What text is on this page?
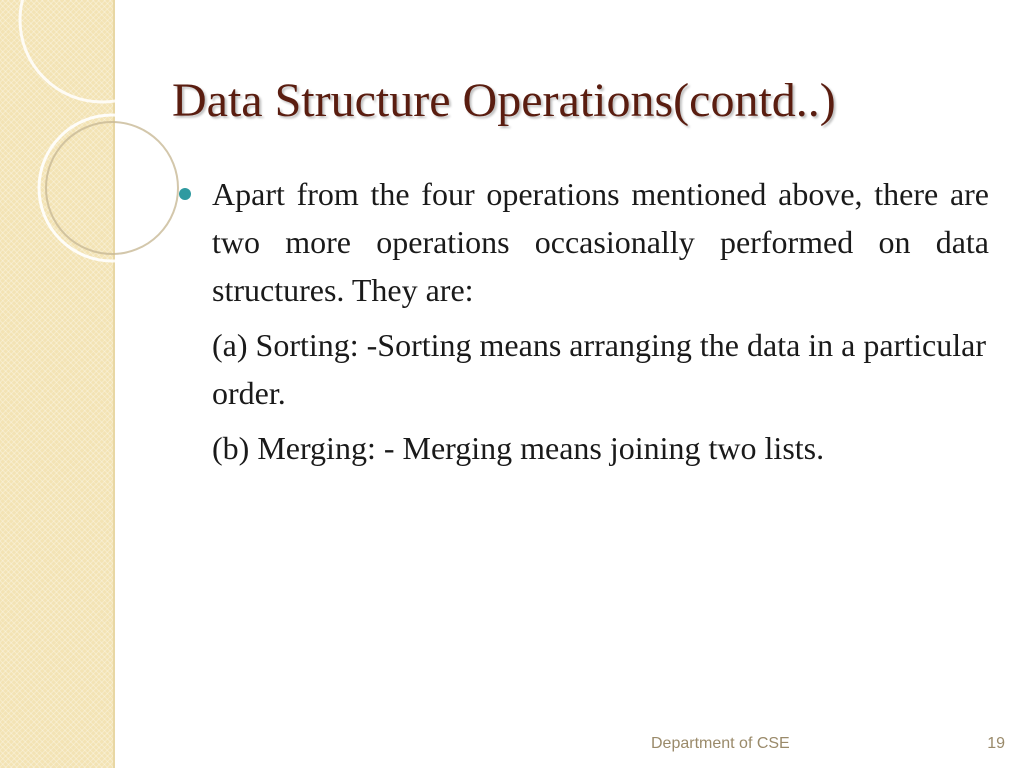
Data Structure Operations(contd..)

Apart from the four operations mentioned above, there are two more operations occasionally performed on data structures. They are:

(a) Sorting: -Sorting means arranging the data in a particular order.

(b) Merging: - Merging means joining two lists.

Department of CSE	19
